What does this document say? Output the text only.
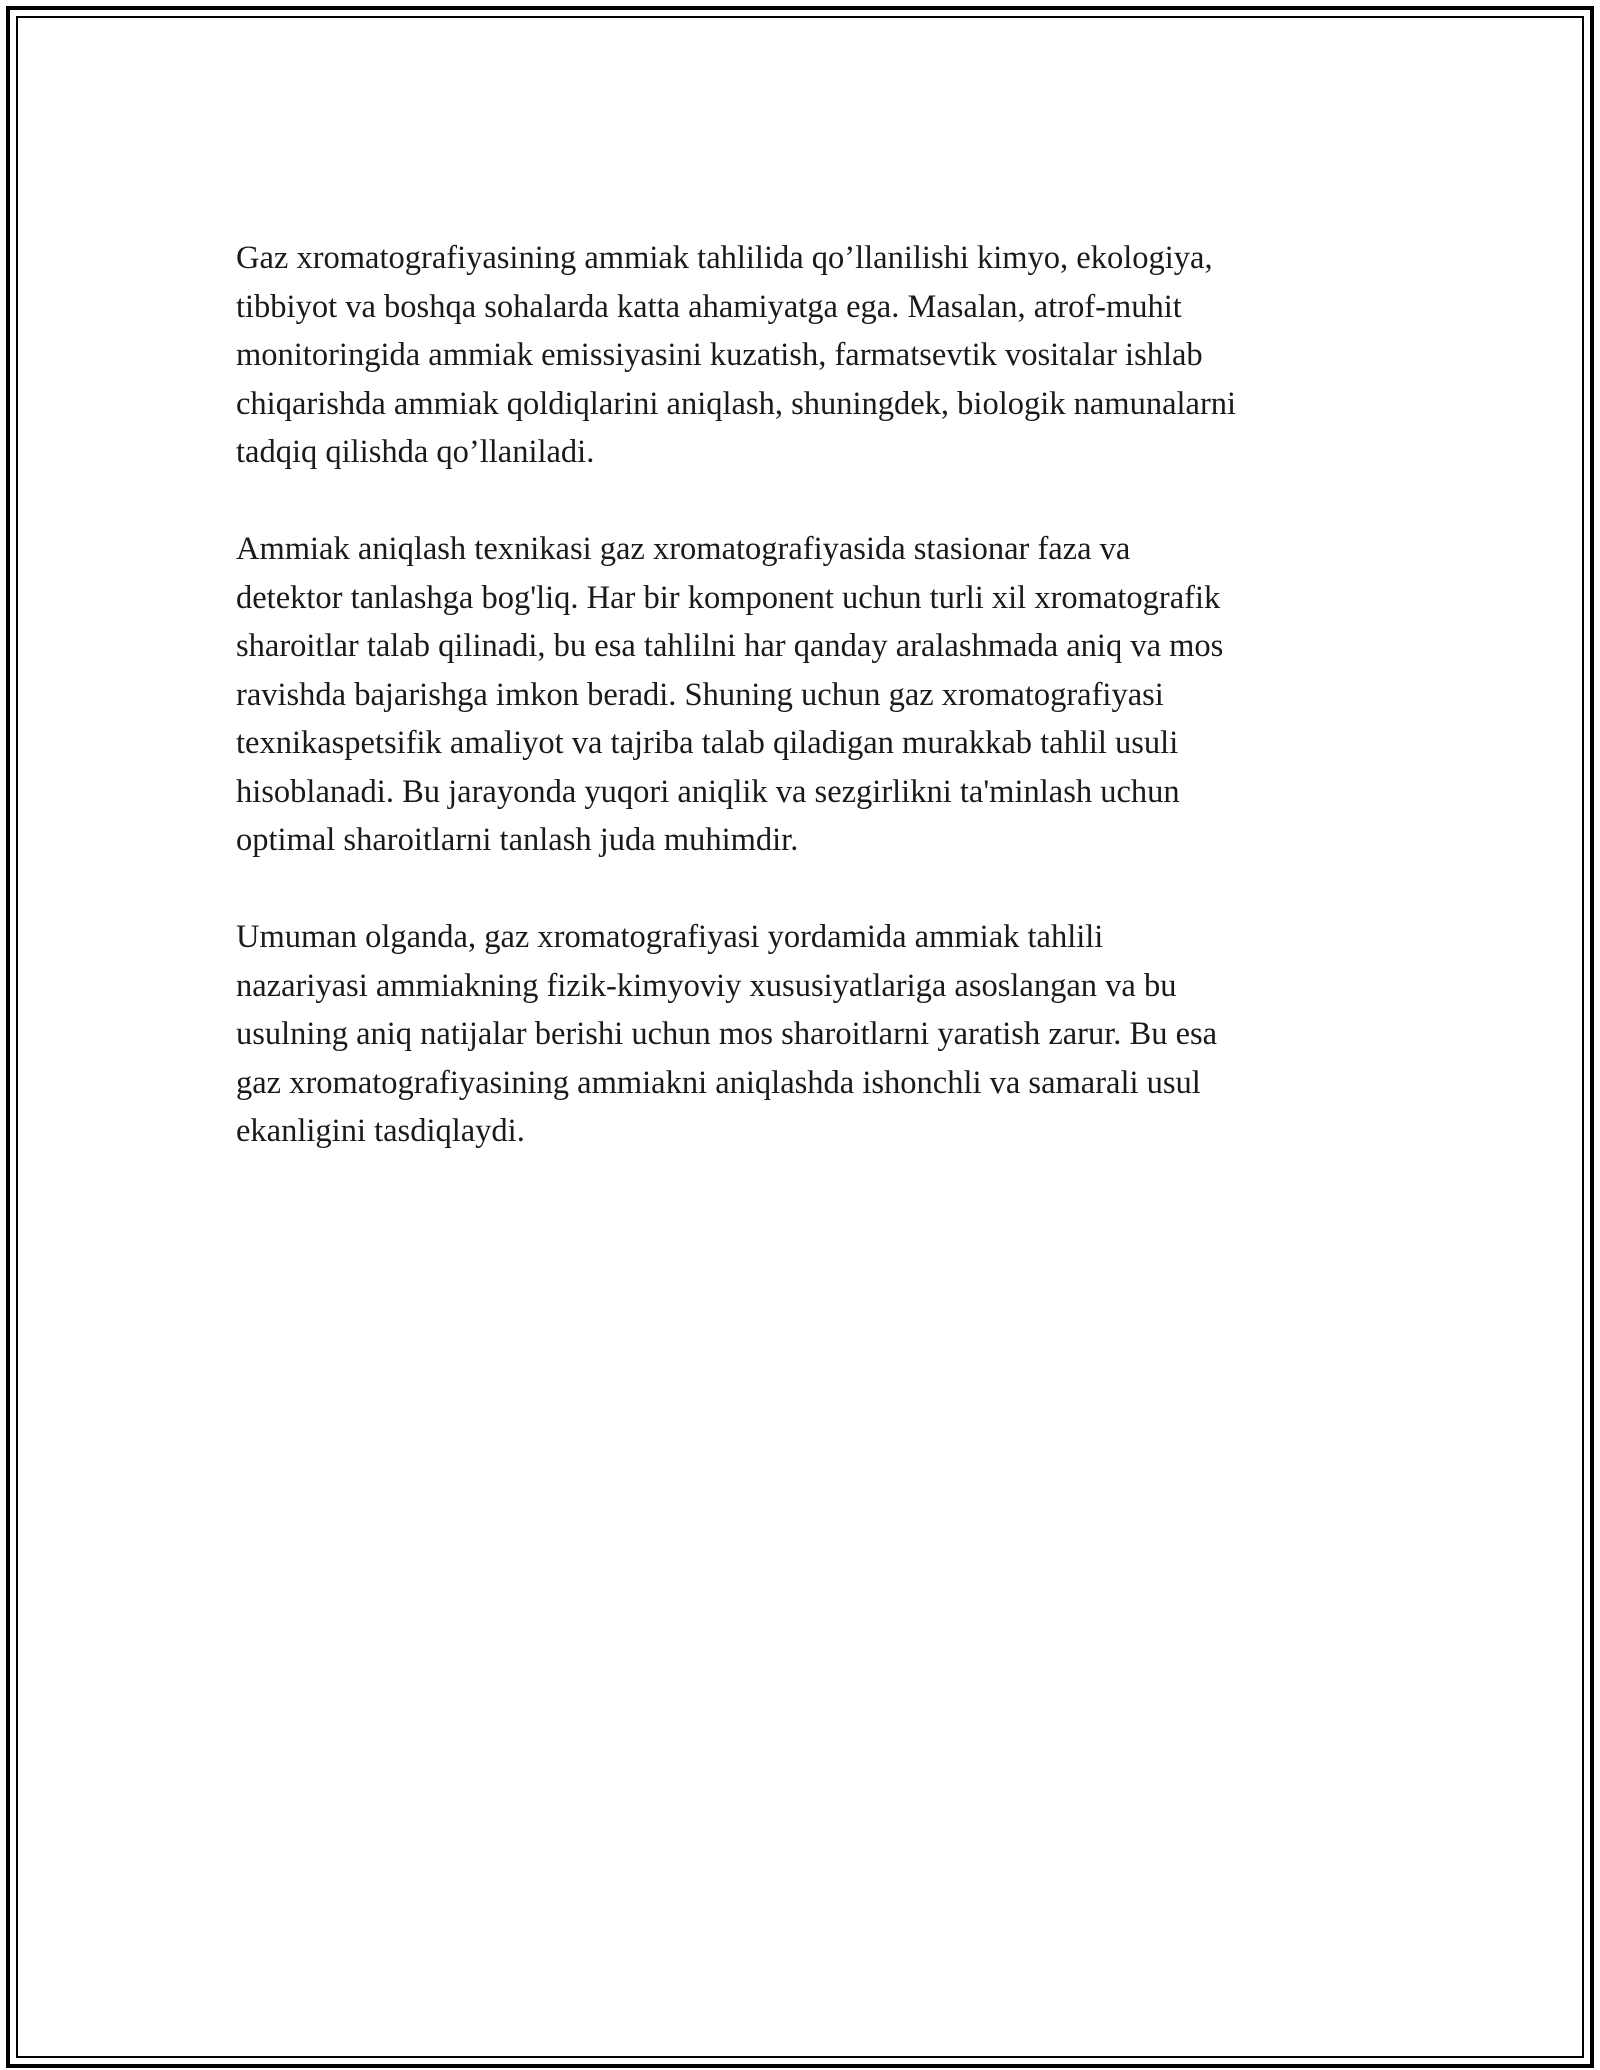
Gaz xromatografiyasining ammiak tahlilida qo’llanilishi kimyo, ekologiya,
tibbiyot va boshqa sohalarda katta ahamiyatga ega. Masalan, atrof-muhit
monitoringida ammiak emissiyasini kuzatish, farmatsevtik vositalar ishlab
chiqarishda ammiak qoldiqlarini aniqlash, shuningdek, biologik namunalarni
tadqiq qilishda qo’llaniladi.

Ammiak aniqlash texnikasi gaz xromatografiyasida stasionar faza va
detektor tanlashga bog'liq. Har bir komponent uchun turli xil xromatografik
sharoitlar talab qilinadi, bu esa tahlilni har qanday aralashmada aniq va mos
ravishda bajarishga imkon beradi. Shuning uchun gaz xromatografiyasi
texnikaspetsifik amaliyot va tajriba talab qiladigan murakkab tahlil usuli
hisoblanadi. Bu jarayonda yuqori aniqlik va sezgirlikni ta'minlash uchun
optimal sharoitlarni tanlash juda muhimdir.

Umuman olganda, gaz xromatografiyasi yordamida ammiak tahlili
nazariyasi ammiakning fizik-kimyoviy xususiyatlariga asoslangan va bu
usulning aniq natijalar berishi uchun mos sharoitlarni yaratish zarur. Bu esa
gaz xromatografiyasining ammiakni aniqlashda ishonchli va samarali usul
ekanligini tasdiqlaydi.
